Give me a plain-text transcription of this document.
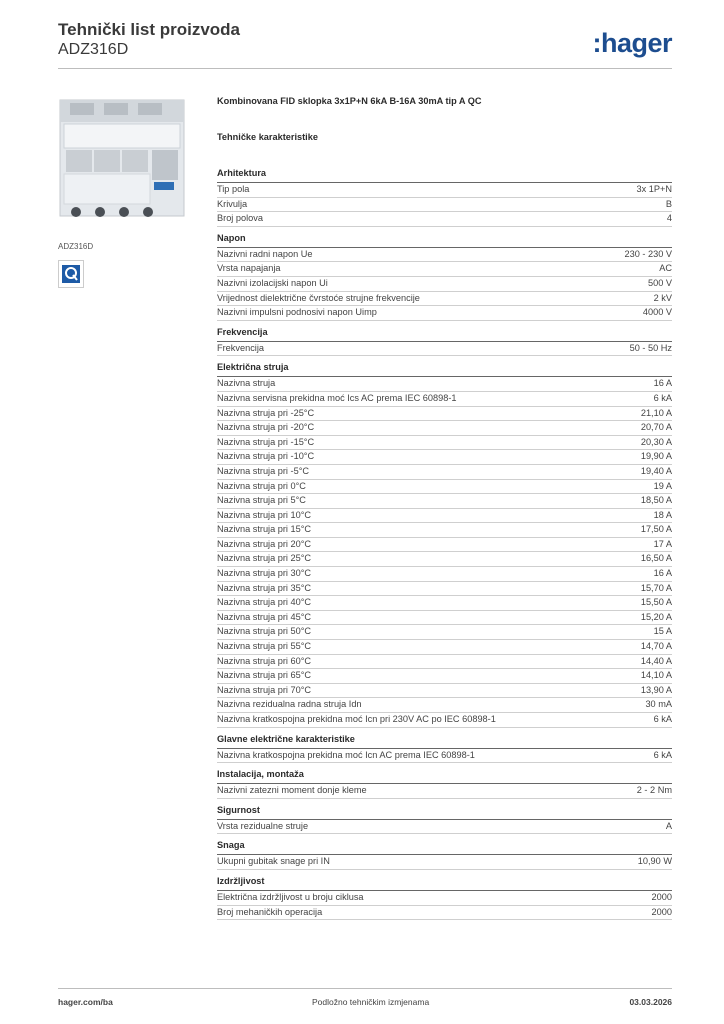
Tehnički list proizvoda
ADZ316D	:hager
ADZ316D
Kombinovana FID sklopka 3x1P+N 6kA B-16A 30mA tip A QC
Tehničke karakteristike
Arhitektura
Tip pola	3x 1P+N
Krivulja	B
Broj polova	4
Napon
Nazivni radni napon Ue	230 - 230 V
Vrsta napajanja	AC
Nazivni izolacijski napon Ui	500 V
Vrijednost dielektrične čvrstoće strujne frekvencije	2 kV
Nazivni impulsni podnosivi napon Uimp	4000 V
Frekvencija
Frekvencija	50 - 50 Hz
Električna struja
Nazivna struja	16 A
Nazivna servisna prekidna moć Ics AC prema IEC 60898-1	6 kA
Nazivna struja pri -25°C	21,10 A
Nazivna struja pri -20°C	20,70 A
Nazivna struja pri -15°C	20,30 A
Nazivna struja pri -10°C	19,90 A
Nazivna struja pri -5°C	19,40 A
Nazivna struja pri 0°C	19 A
Nazivna struja pri 5°C	18,50 A
Nazivna struja pri 10°C	18 A
Nazivna struja pri 15°C	17,50 A
Nazivna struja pri 20°C	17 A
Nazivna struja pri 25°C	16,50 A
Nazivna struja pri 30°C	16 A
Nazivna struja pri 35°C	15,70 A
Nazivna struja pri 40°C	15,50 A
Nazivna struja pri 45°C	15,20 A
Nazivna struja pri 50°C	15 A
Nazivna struja pri 55°C	14,70 A
Nazivna struja pri 60°C	14,40 A
Nazivna struja pri 65°C	14,10 A
Nazivna struja pri 70°C	13,90 A
Nazivna rezidualna radna struja Idn	30 mA
Nazivna kratkospojna prekidna moć Icn pri 230V AC po IEC 60898-1	6 kA
Glavne električne karakteristike
Nazivna kratkospojna prekidna moć Icn AC prema IEC 60898-1	6 kA
Instalacija, montaža
Nazivni zatezni moment donje kleme	2 - 2 Nm
Sigurnost
Vrsta rezidualne struje	A
Snaga
Ukupni gubitak snage pri IN	10,90 W
Izdržljivost
Električna izdržljivost u broju ciklusa	2000
Broj mehaničkih operacija	2000
hager.com/ba	Podložno tehničkim izmjenama	03.03.2026
